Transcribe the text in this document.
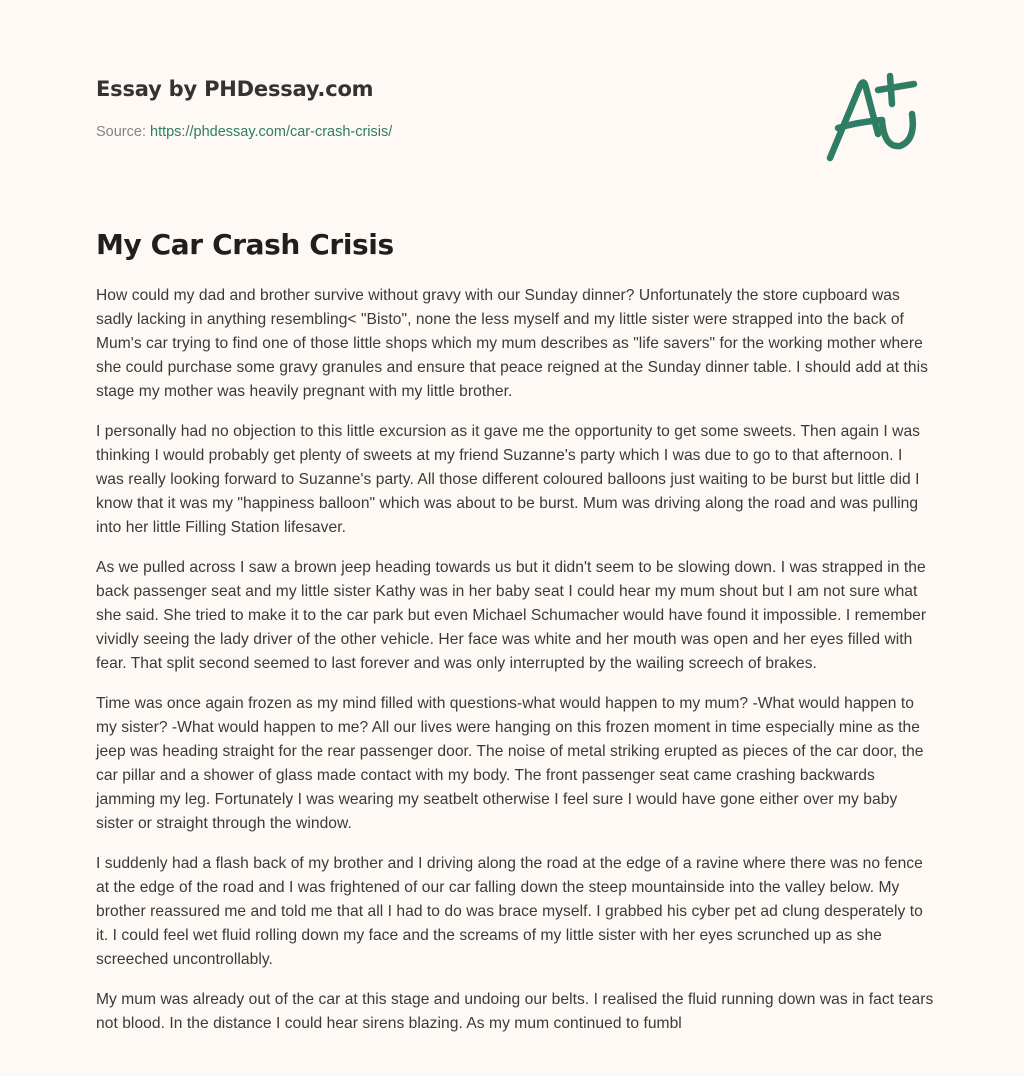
Essay by PHDessay.com
Source: https://phdessay.com/car-crash-crisis/
My Car Crash Crisis

How could my dad and brother survive without gravy with our Sunday dinner? Unfortunately the store cupboard was sadly lacking in anything resembling< "Bisto", none the less myself and my little sister were strapped into the back of Mum's car trying to find one of those little shops which my mum describes as "life savers" for the working mother where she could purchase some gravy granules and ensure that peace reigned at the Sunday dinner table. I should add at this stage my mother was heavily pregnant with my little brother.

I personally had no objection to this little excursion as it gave me the opportunity to get some sweets. Then again I was thinking I would probably get plenty of sweets at my friend Suzanne's party which I was due to go to that afternoon. I was really looking forward to Suzanne's party. All those different coloured balloons just waiting to be burst but little did I know that it was my "happiness balloon" which was about to be burst. Mum was driving along the road and was pulling into her little Filling Station lifesaver.

As we pulled across I saw a brown jeep heading towards us but it didn't seem to be slowing down. I was strapped in the back passenger seat and my little sister Kathy was in her baby seat I could hear my mum shout but I am not sure what she said. She tried to make it to the car park but even Michael Schumacher would have found it impossible. I remember vividly seeing the lady driver of the other vehicle. Her face was white and her mouth was open and her eyes filled with fear. That split second seemed to last forever and was only interrupted by the wailing screech of brakes.

Time was once again frozen as my mind filled with questions-what would happen to my mum? -What would happen to my sister? -What would happen to me? All our lives were hanging on this frozen moment in time especially mine as the jeep was heading straight for the rear passenger door. The noise of metal striking erupted as pieces of the car door, the car pillar and a shower of glass made contact with my body. The front passenger seat came crashing backwards jamming my leg. Fortunately I was wearing my seatbelt otherwise I feel sure I would have gone either over my baby sister or straight through the window.

I suddenly had a flash back of my brother and I driving along the road at the edge of a ravine where there was no fence at the edge of the road and I was frightened of our car falling down the steep mountainside into the valley below. My brother reassured me and told me that all I had to do was brace myself. I grabbed his cyber pet ad clung desperately to it. I could feel wet fluid rolling down my face and the screams of my little sister with her eyes scrunched up as she screeched uncontrollably.

My mum was already out of the car at this stage and undoing our belts. I realised the fluid running down was in fact tears not blood. In the distance I could hear sirens blazing. As my mum continued to fumbl
